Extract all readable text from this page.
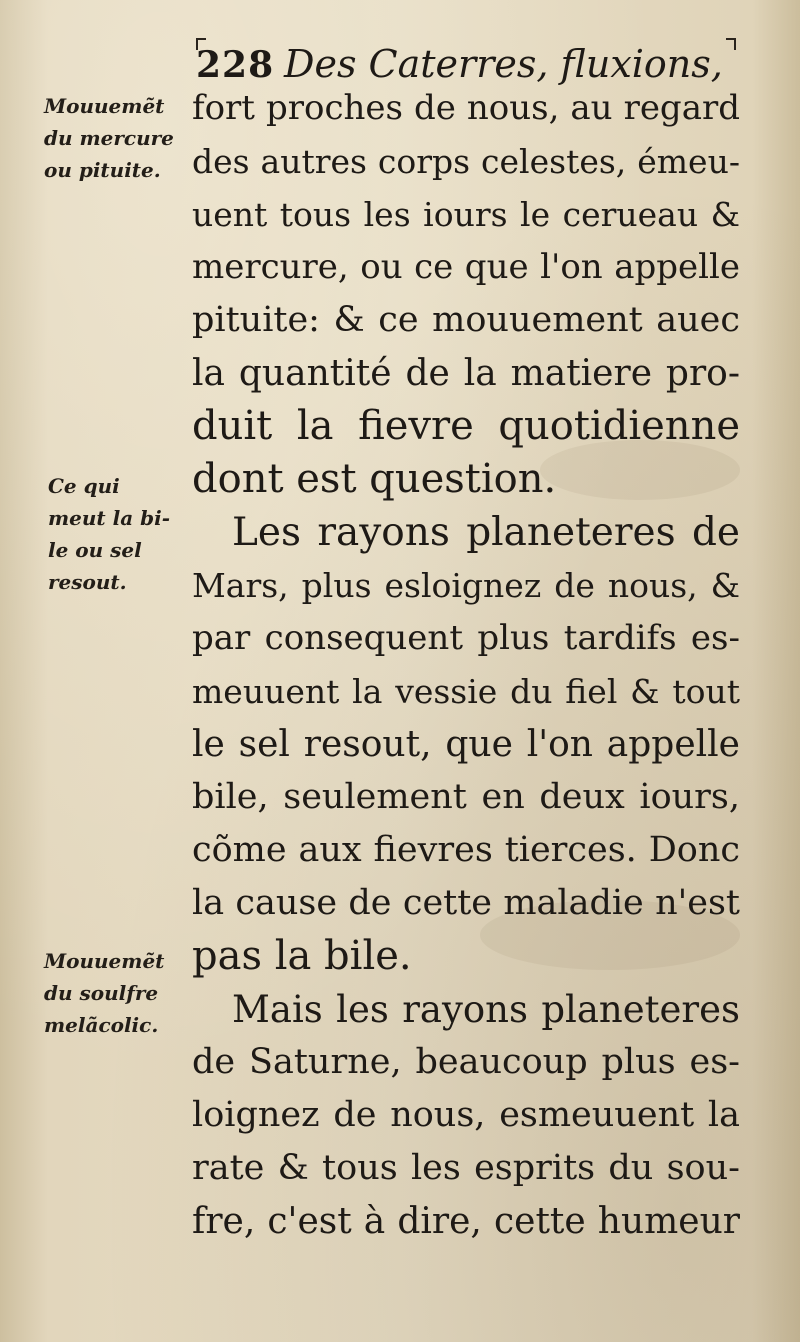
228 Des Caterres, fluxions,
Mouuemẽt
du mercure
ou pituite.
Ce qui
meut la bi-
le ou sel
resout.
Mouuemẽt
du soulfre
melãcolic.
fort proches de nous, au regard
des autres corps celestes, émeu-
uent tous les iours le cerueau &
mercure, ou ce que l'on appelle
pituite: & ce mouuement auec
la quantité de la matiere pro-
duit la fievre quotidienne
dont est question.
Les rayons planeteres de
Mars, plus esloignez de nous, &
par consequent plus tardifs es-
meuuent la vessie du fiel & tout
le sel resout, que l'on appelle
bile, seulement en deux iours,
cõme aux fievres tierces. Donc
la cause de cette maladie n'est
pas la bile.
Mais les rayons planeteres
de Saturne, beaucoup plus es-
loignez de nous, esmeuuent la
rate & tous les esprits du sou-
fre, c'est à dire, cette humeur
